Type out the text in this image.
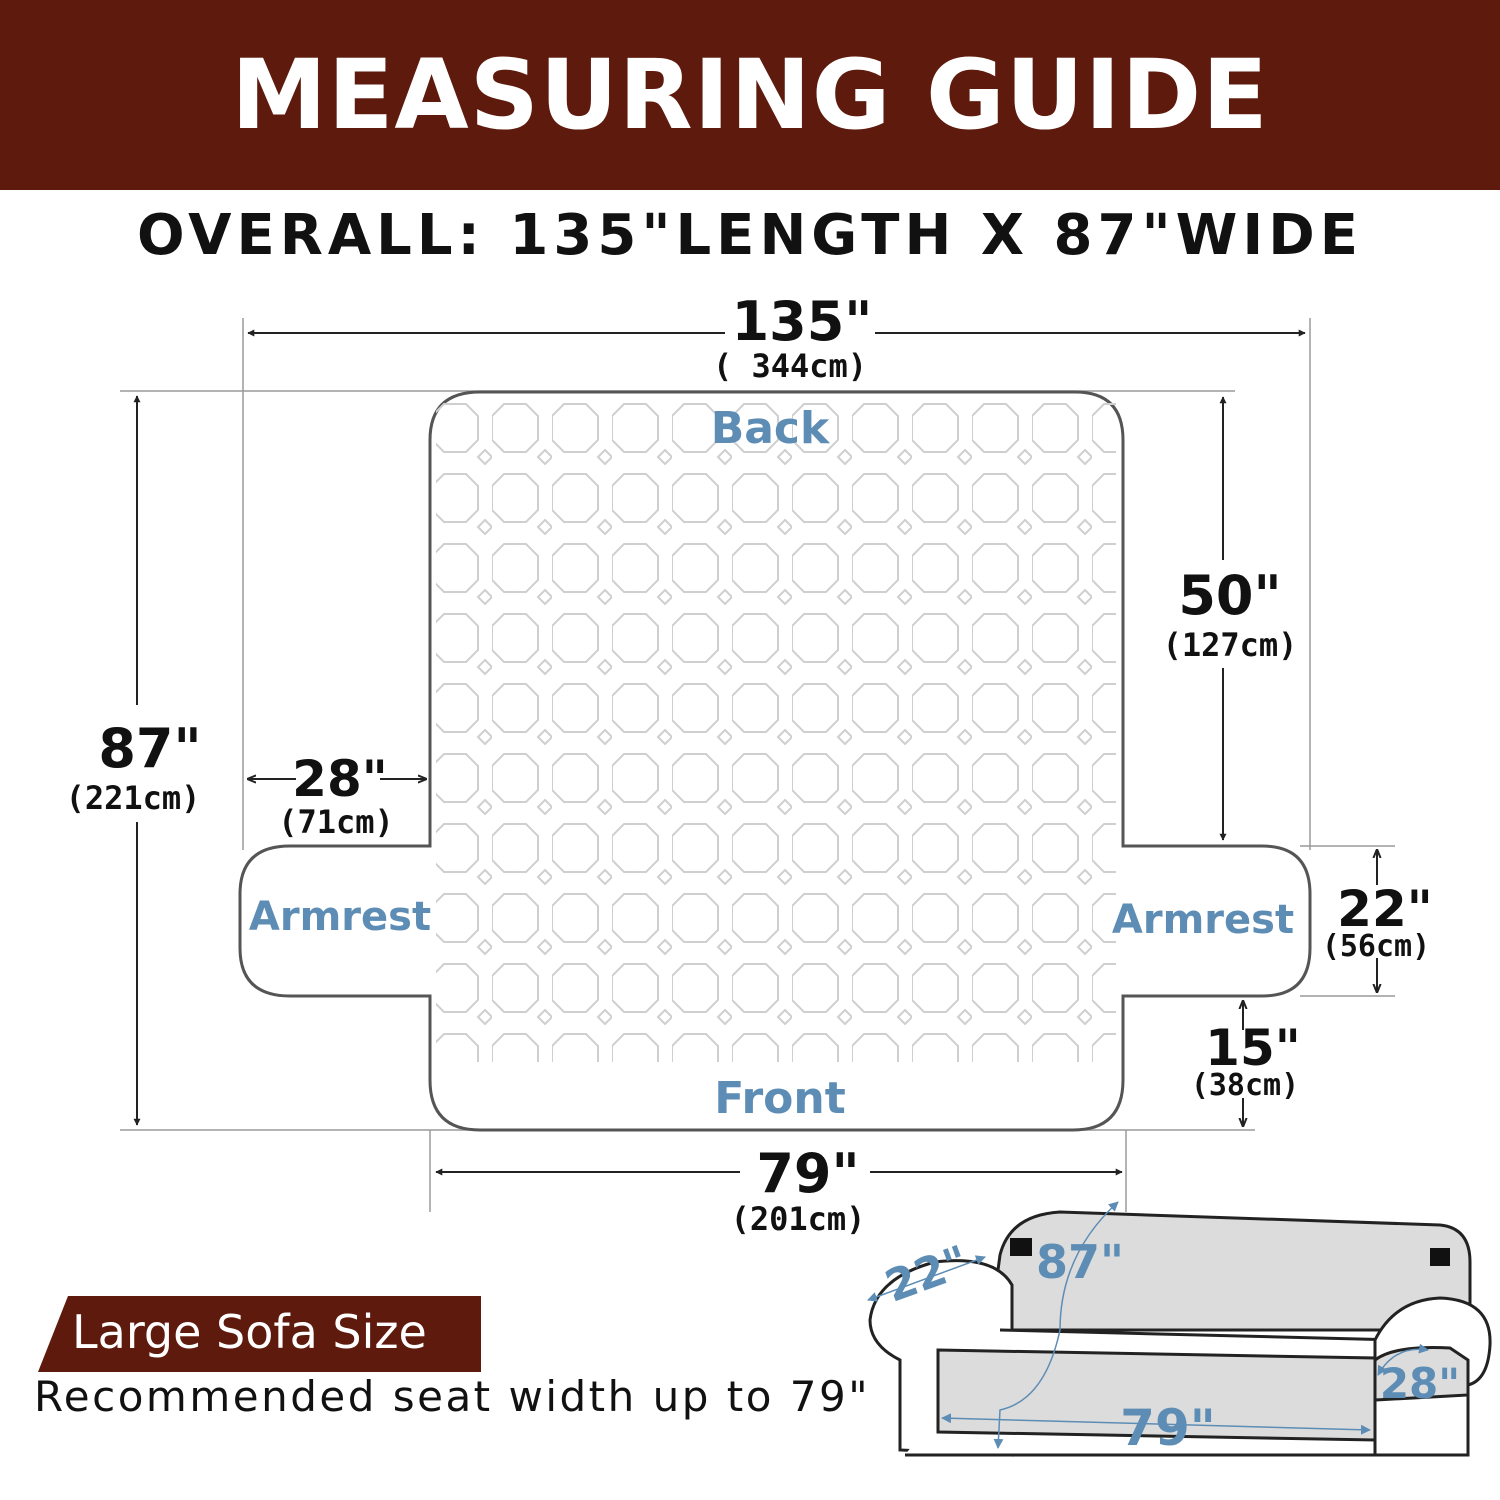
MEASURING GUIDE
OVERALL: 135"LENGTH X 87"WIDE
Back
Front
Armrest	Armrest
135"
( 344cm)
87"
(221cm) 28"
(71cm)
50"
(127cm)
22"
(56cm)
15"
(38cm)
79"
(201cm)
22" 87"
28"
79"
Large Sofa Size
Recommended seat width up to 79"
